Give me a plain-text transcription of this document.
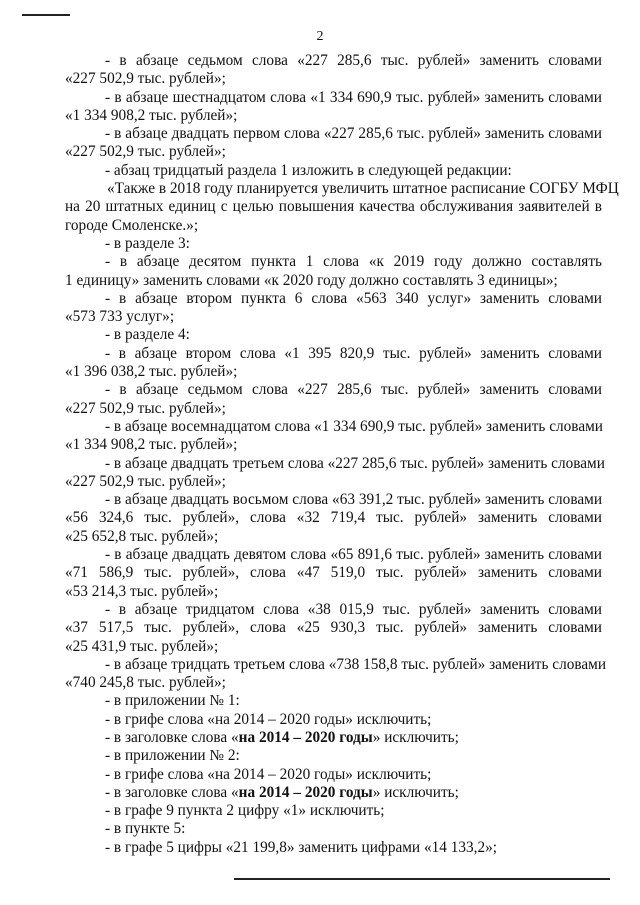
2
- в абзаце седьмом слова «227 285,6 тыс. рублей» заменить словами
«227 502,9 тыс. рублей»;
- в абзаце шестнадцатом слова «1 334 690,9 тыс. рублей» заменить словами
«1 334 908,2 тыс. рублей»;
- в абзаце двадцать первом слова «227 285,6 тыс. рублей» заменить словами
«227 502,9 тыс. рублей»;
- абзац тридцатый раздела 1 изложить в следующей редакции:
«Также в 2018 году планируется увеличить штатное расписание СОГБУ МФЦ
на 20 штатных единиц с целью повышения качества обслуживания заявителей в
городе Смоленске.»;
- в разделе 3:
- в абзаце десятом пункта 1 слова «к 2019 году должно составлять
1 единицу» заменить словами «к 2020 году должно составлять 3 единицы»;
- в абзаце втором пункта 6 слова «563 340 услуг» заменить словами
«573 733 услуг»;
- в разделе 4:
- в абзаце втором слова «1 395 820,9 тыс. рублей» заменить словами
«1 396 038,2 тыс. рублей»;
- в абзаце седьмом слова «227 285,6 тыс. рублей» заменить словами
«227 502,9 тыс. рублей»;
- в абзаце восемнадцатом слова «1 334 690,9 тыс. рублей» заменить словами
«1 334 908,2 тыс. рублей»;
- в абзаце двадцать третьем слова «227 285,6 тыс. рублей» заменить словами
«227 502,9 тыс. рублей»;
- в абзаце двадцать восьмом слова «63 391,2 тыс. рублей» заменить словами
«56 324,6 тыс. рублей», слова «32 719,4 тыс. рублей» заменить словами
«25 652,8 тыс. рублей»;
- в абзаце двадцать девятом слова «65 891,6 тыс. рублей» заменить словами
«71 586,9 тыс. рублей», слова «47 519,0 тыс. рублей» заменить словами
«53 214,3 тыс. рублей»;
- в абзаце тридцатом слова «38 015,9 тыс. рублей» заменить словами
«37 517,5 тыс. рублей», слова «25 930,3 тыс. рублей» заменить словами
«25 431,9 тыс. рублей»;
- в абзаце тридцать третьем слова «738 158,8 тыс. рублей» заменить словами
«740 245,8 тыс. рублей»;
- в приложении № 1:
- в грифе слова «на 2014 – 2020 годы» исключить;
- в заголовке слова «на 2014 – 2020 годы» исключить;
- в приложении № 2:
- в грифе слова «на 2014 – 2020 годы» исключить;
- в заголовке слова «на 2014 – 2020 годы» исключить;
- в графе 9 пункта 2 цифру «1» исключить;
- в пункте 5:
- в графе 5 цифры «21 199,8» заменить цифрами «14 133,2»;
